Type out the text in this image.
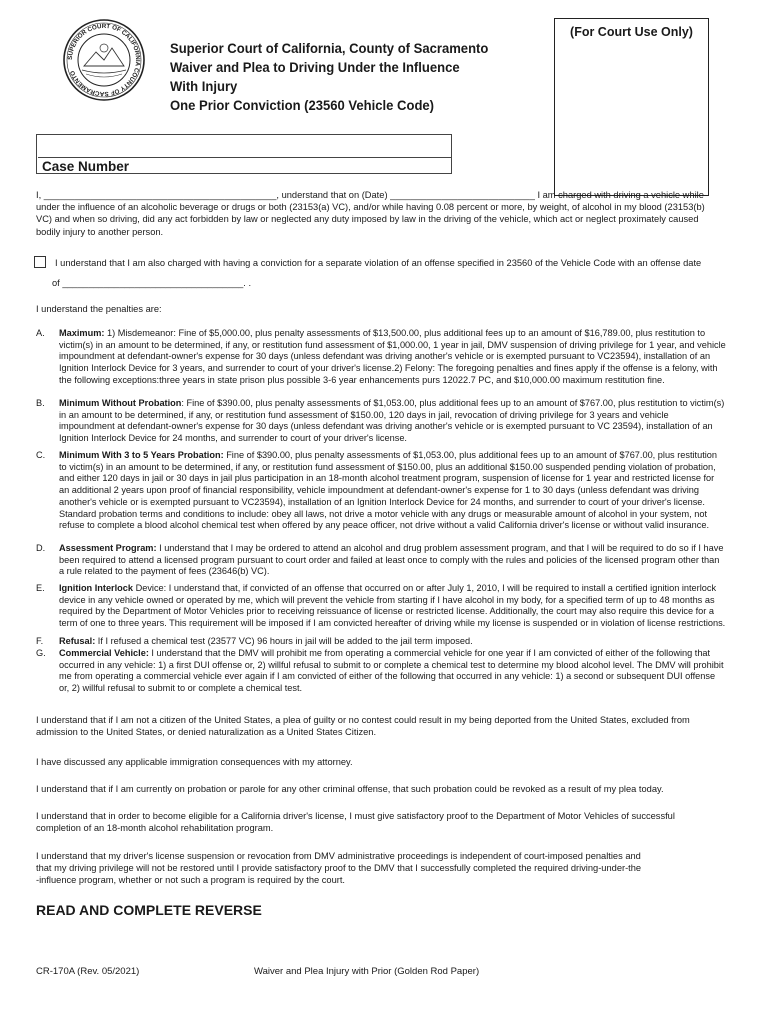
SUPERIOR COURT OF CALIFORNIA COUNTY OF SACRAMENTO
Superior Court of California, County of Sacramento
Waiver and Plea to Driving Under the Influence
With Injury
One Prior Conviction (23560 Vehicle Code)
(For Court Use Only)
Case Number
I, _____________________________________________, understand that on (Date) ____________________________ I am charged with driving a vehicle while under the influence of an alcoholic beverage or drugs or both (23153(a) VC), and/or while having 0.08 percent or more, by weight, of alcohol in my blood (23153(b) VC) and when so driving, did any act forbidden by law or neglected any duty imposed by law in the driving of the vehicle, which act or neglect proximately caused bodily injury to another person.
I understand that I am also charged with having a conviction for a separate violation of an offense specified in 23560 of the Vehicle Code with an offense date
of ___________________________________. .
I understand the penalties are:
A.	Maximum: 1) Misdemeanor: Fine of $5,000.00, plus penalty assessments of $13,500.00, plus additional fees up to an amount of $16,789.00, plus restitution to victim(s) in an amount to be determined, if any, or restitution fund assessment of $1,000.00, 1 year in jail, DMV suspension of driving privilege for 1 year, and vehicle impoundment at defendant-owner's expense for 30 days (unless defendant was driving another's vehicle or is exempted pursuant to VC23594), installation of an Ignition Interlock Device for 3 years, and surrender to court of your driver's license.2) Felony: The foregoing penalties and fines apply if the offense is a felony, with the following exceptions:three years in state prison plus possible 3-6 year enhancements purs 12022.7 PC, and $10,000.00 maximum restitution fine.
B.	Minimum Without Probation: Fine of $390.00, plus penalty assessments of $1,053.00, plus additional fees up to an amount of $767.00, plus restitution to victim(s) in an amount to be determined, if any, or restitution fund assessment of $150.00, 120 days in jail, revocation of driving privilege for 3 years and vehicle impoundment at defendant-owner's expense for 30 days (unless defendant was driving another's vehicle or is exempted pursuant to VC 23594), installation of an Ignition Interlock Device for 24 months, and surrender to court of your driver's license.
C.	Minimum With 3 to 5 Years Probation: Fine of $390.00, plus penalty assessments of $1,053.00, plus additional fees up to an amount of $767.00, plus restitution to victim(s) in an amount to be determined, if any, or restitution fund assessment of $150.00, plus an additional $150.00 suspended pending violation of probation, and either 120 days in jail or 30 days in jail plus participation in an 18-month alcohol treatment program, suspension of license for 1 year and restricted license for an additional 2 years upon proof of financial responsibility, vehicle impoundment at defendant-owner's expense for 1 to 30 days (unless defendant was driving another's vehicle or is exempted pursuant to VC23594), installation of an Ignition Interlock Device for 24 months, and surrender to court of your driver's license. Standard probation terms and conditions to include: obey all laws, not drive a motor vehicle with any drugs or measurable amount of alcohol in your system, not refuse to complete a blood alcohol chemical test when offered by any peace officer, not drive without a valid California driver's license or without valid insurance.
D.	Assessment Program: I understand that I may be ordered to attend an alcohol and drug problem assessment program, and that I will be required to do so if I have been required to attend a licensed program pursuant to court order and failed at least once to comply with the rules and policies of the licensed program other than a rule related to the payment of fees (23646(b) VC).
E.	Ignition Interlock Device: I understand that, if convicted of an offense that occurred on or after July 1, 2010, I will be required to install a certified ignition interlock device in any vehicle owned or operated by me, which will prevent the vehicle from starting if I have alcohol in my body, for a specified term of up to 48 months as required by the Department of Motor Vehicles prior to receiving reissuance of license or restricted license. Additionally, the court may also require this device for a term of one to three years. This requirement will be imposed if I am convicted hereafter of driving while my license is suspended or in violation of license restrictions.
F.	Refusal: If I refused a chemical test (23577 VC) 96 hours in jail will be added to the jail term imposed.
G.	Commercial Vehicle: I understand that the DMV will prohibit me from operating a commercial vehicle for one year if I am convicted of either of the following that occurred in any vehicle: 1) a first DUI offense or, 2) willful refusal to submit to or complete a chemical test to determine my blood alcohol level. The DMV will prohibit me from operating a commercial vehicle ever again if I am convicted of either of the following that occurred in any vehicle: 1) a second or subsequent DUI offense or, 2) willful refusal to submit to or complete a chemical test.
I understand that if I am not a citizen of the United States, a plea of guilty or no contest could result in my being deported from the United States, excluded from admission to the United States, or denied naturalization as a United States Citizen.
I have discussed any applicable immigration consequences with my attorney.
I understand that if I am currently on probation or parole for any other criminal offense, that such probation could be revoked as a result of my plea today.
I understand that in order to become eligible for a California driver's license, I must give satisfactory proof to the Department of Motor Vehicles of successful completion of an 18-month alcohol rehabilitation program.
I understand that my driver's license suspension or revocation from DMV administrative proceedings is independent of court-imposed penalties and
that my driving privilege will not be restored until I provide satisfactory proof to the DMV that I successfully completed the required driving-under-the
-influence program, whether or not such a program is required by the court.
READ AND COMPLETE REVERSE
CR-170A (Rev. 05/2021)	Waiver and Plea Injury with Prior (Golden Rod Paper)
